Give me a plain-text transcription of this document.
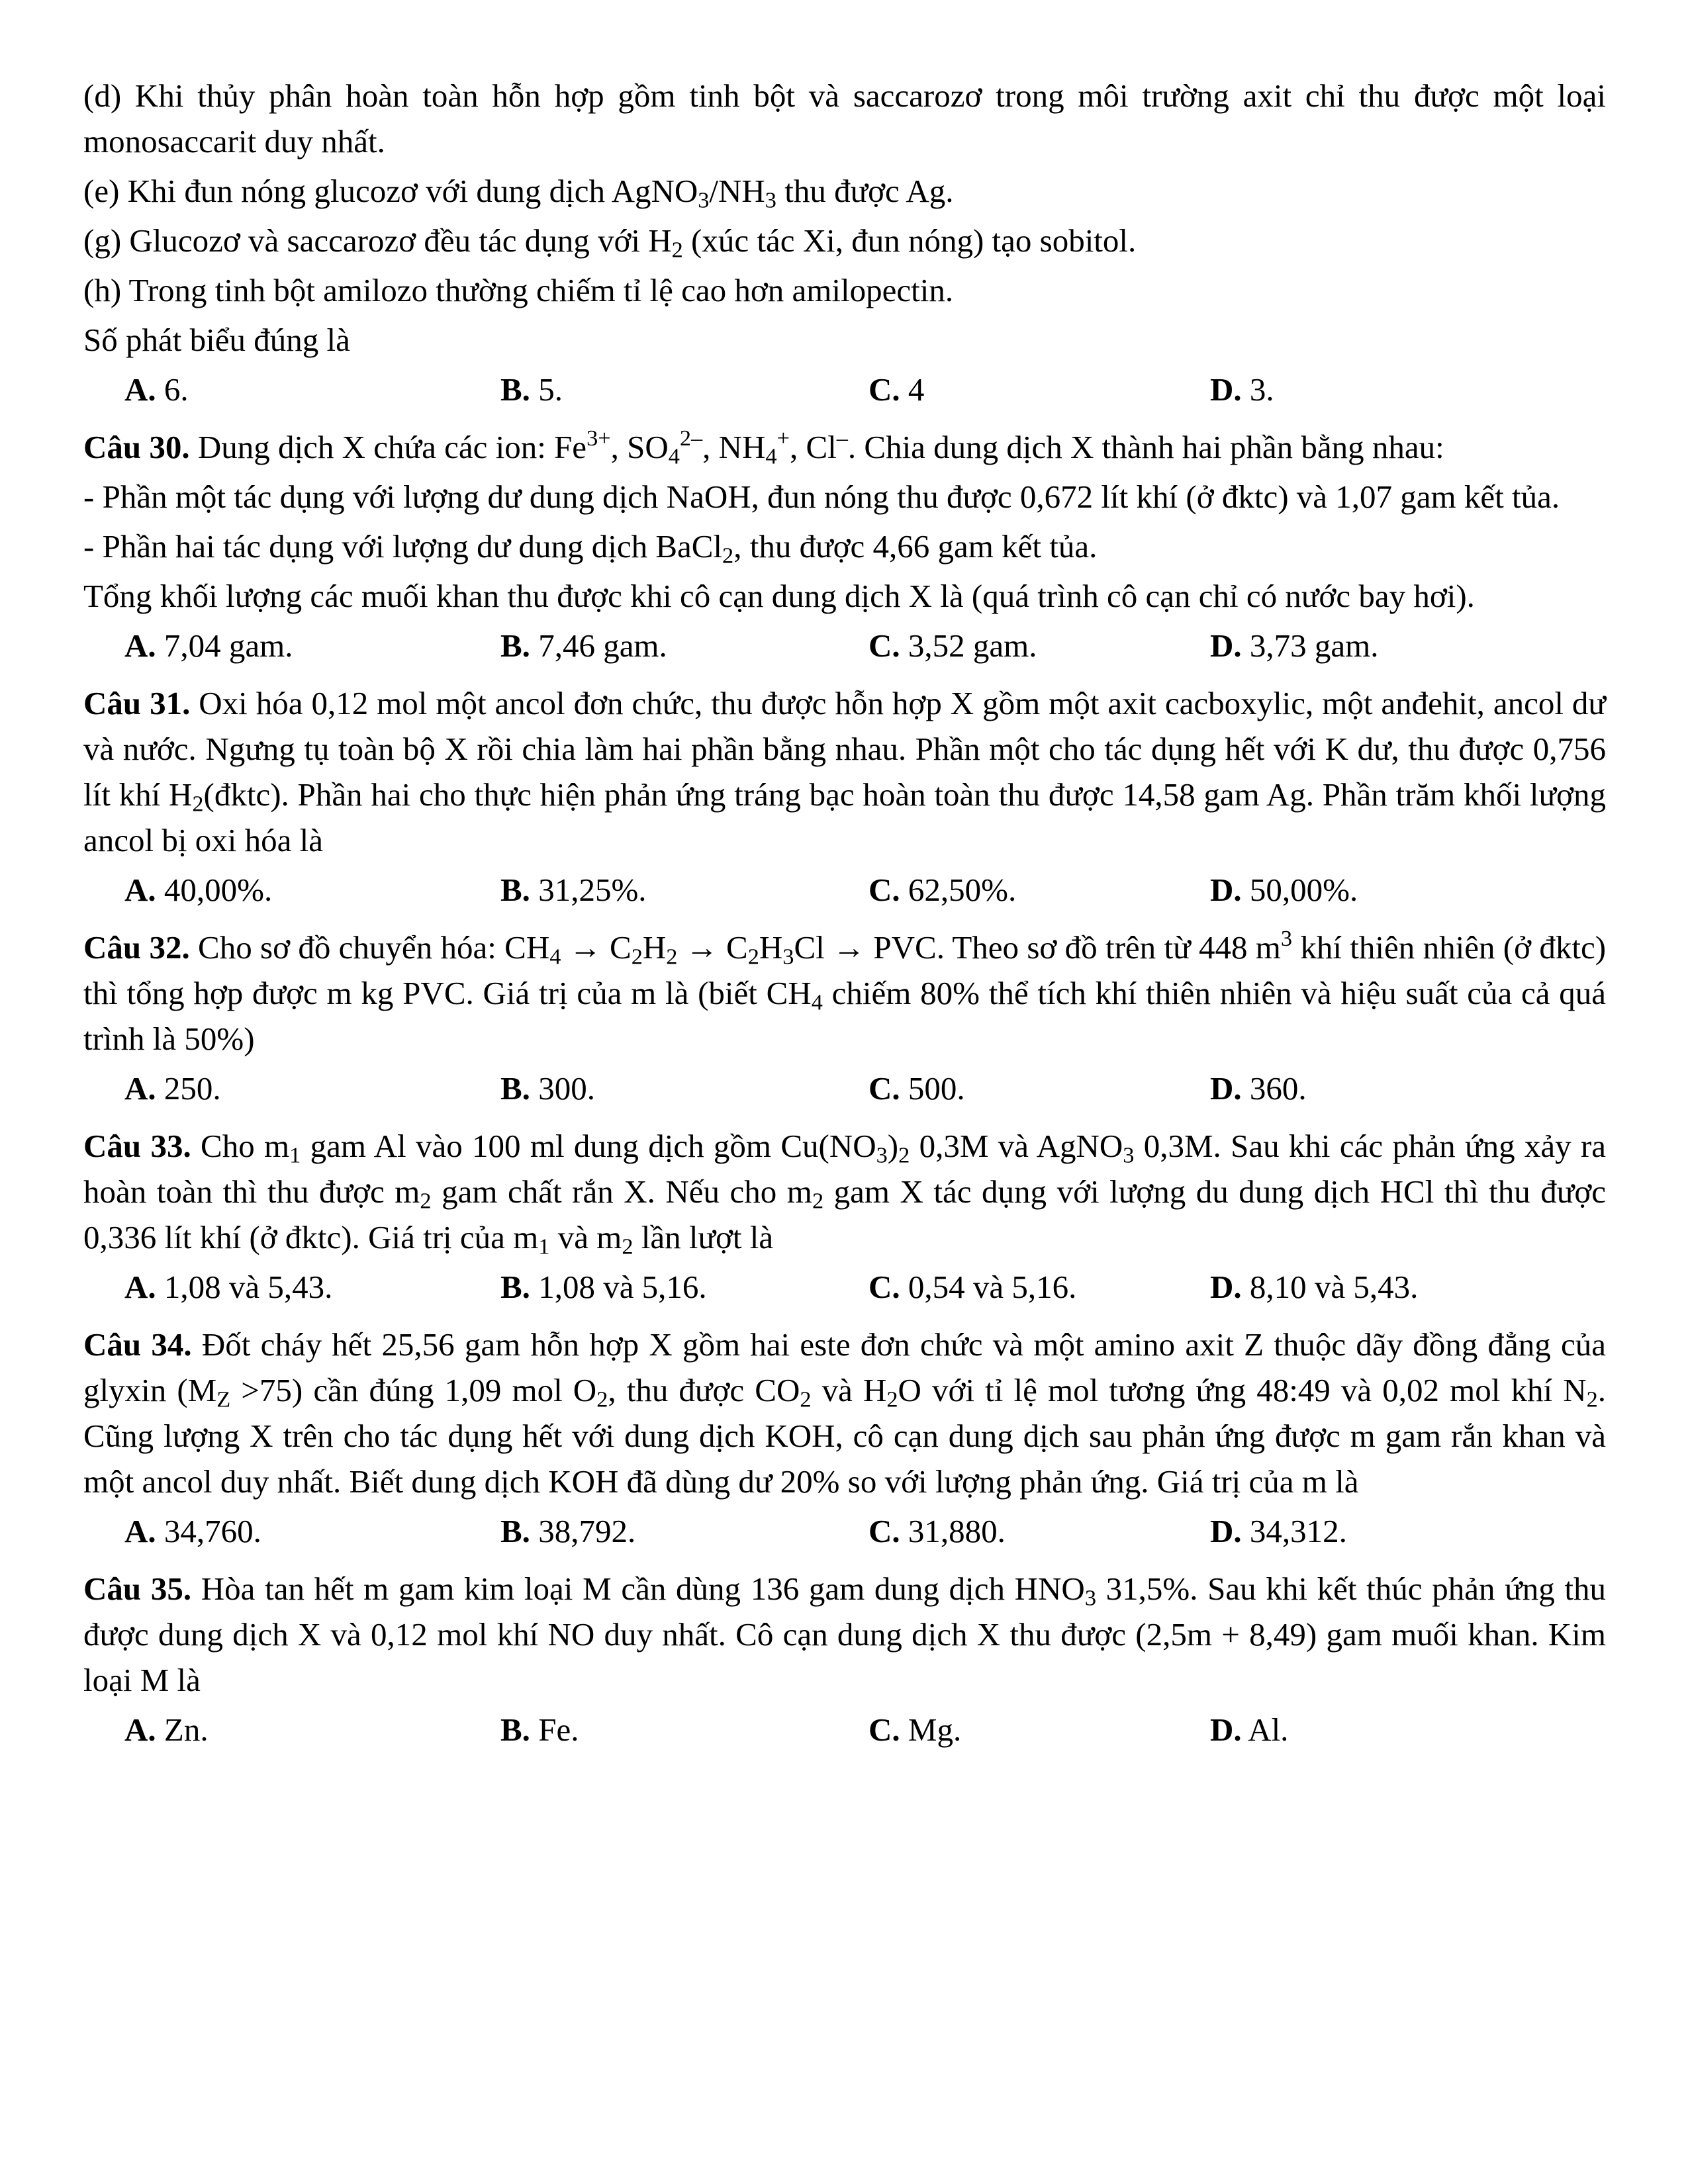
(d) Khi thủy phân hoàn toàn hỗn hợp gồm tinh bột và saccarozơ trong môi trường axit chỉ thu được một loại monosaccarit duy nhất.

(e) Khi đun nóng glucozơ với dung dịch $AgNO_3/NH_3$ thu được Ag.

(g) Glucozơ và saccarozơ đều tác dụng với $H_2$ (xúc tác Xi, đun nóng) tạo sobitol.

(h) Trong tinh bột amilozo thường chiếm tỉ lệ cao hơn amilopectin.

Số phát biểu đúng là

A. 6.	B. 5.	C. 4	D. 3.

Câu 30. Dung dịch X chứa các ion: $Fe^{3+}$, $SO_4^{2-}$, $NH_4^+$, Cl–. Chia dung dịch X thành hai phần bằng nhau:

- Phần một tác dụng với lượng dư dung dịch NaOH, đun nóng thu được 0,672 lít khí (ở đktc) và 1,07 gam kết tủa.

- Phần hai tác dụng với lượng dư dung dịch BaCl$_2$, thu được 4,66 gam kết tủa.

Tổng khối lượng các muối khan thu được khi cô cạn dung dịch X là (quá trình cô cạn chỉ có nước bay hơi).

A. 7,04 gam.	B. 7,46 gam.	C. 3,52 gam.	D. 3,73 gam.

Câu 31. Oxi hóa 0,12 mol một ancol đơn chức, thu được hỗn hợp X gồm một axit cacboxylic, một anđehit, ancol dư và nước. Ngưng tụ toàn bộ X rồi chia làm hai phần bằng nhau. Phần một cho tác dụng hết với K dư, thu được 0,756 lít khí $H_2(đktc)$. Phần hai cho thực hiện phản ứng tráng bạc hoàn toàn thu được 14,58 gam Ag. Phần trăm khối lượng ancol bị oxi hóa là

A. 40,00%.	B. 31,25%.	C. 62,50%.	D. 50,00%.

Câu 32. Cho sơ đồ chuyển hóa: $CH_4 \to C_2H_2 \to C_2H_3Cl$ → PVC. Theo sơ đồ trên từ 448 $m^3$ khí thiên nhiên (ở đktc) thì tổng hợp được m kg PVC. Giá trị của m là (biết $CH_4$ chiếm 80% thể tích khí thiên nhiên và hiệu suất của cả quá trình là 50%)

A. 250.	B. 300.	C. 500.	D. 360.

Câu 33. Cho $m_1$ gam Al vào 100 ml dung dịch gồm $Cu(NO_3)_2$ 0,3M và AgNO$_3$ 0,3M. Sau khi các phản ứng xảy ra hoàn toàn thì thu được $m_2$ gam chất rắn X. Nếu cho $m_2$ gam X tác dụng với lượng du dung dịch HCl thì thu được 0,336 lít khí (ở đktc). Giá trị của $m_1$ và $m_2$ lần lượt là

A. 1,08 và 5,43.	B. 1,08 và 5,16.	C. 0,54 và 5,16.	D. 8,10 và 5,43.

Câu 34. Đốt cháy hết 25,56 gam hỗn hợp X gồm hai este đơn chức và một amino axit Z thuộc dãy đồng đẳng của glyxin $(M_Z >75)$ cần đúng 1,09 mol $O_2$, thu được $CO_2$ và $H_2O$ với tỉ lệ mol tương ứng 48:49 và 0,02 mol khí $N_2$. Cũng lượng X trên cho tác dụng hết với dung dịch KOH, cô cạn dung dịch sau phản ứng được m gam rắn khan và một ancol duy nhất. Biết dung dịch KOH đã dùng dư 20% so với lượng phản ứng. Giá trị của m là

A. 34,760.	B. 38,792.	C. 31,880.	D. 34,312.

Câu 35. Hòa tan hết m gam kim loại M cần dùng 136 gam dung dịch $HNO_3$ 31,5%. Sau khi kết thúc phản ứng thu được dung dịch X và 0,12 mol khí NO duy nhất. Cô cạn dung dịch X thu được (2,5m + 8,49) gam muối khan. Kim loại M là

A. Zn.	B. Fe.	C. Mg.	D. Al.
